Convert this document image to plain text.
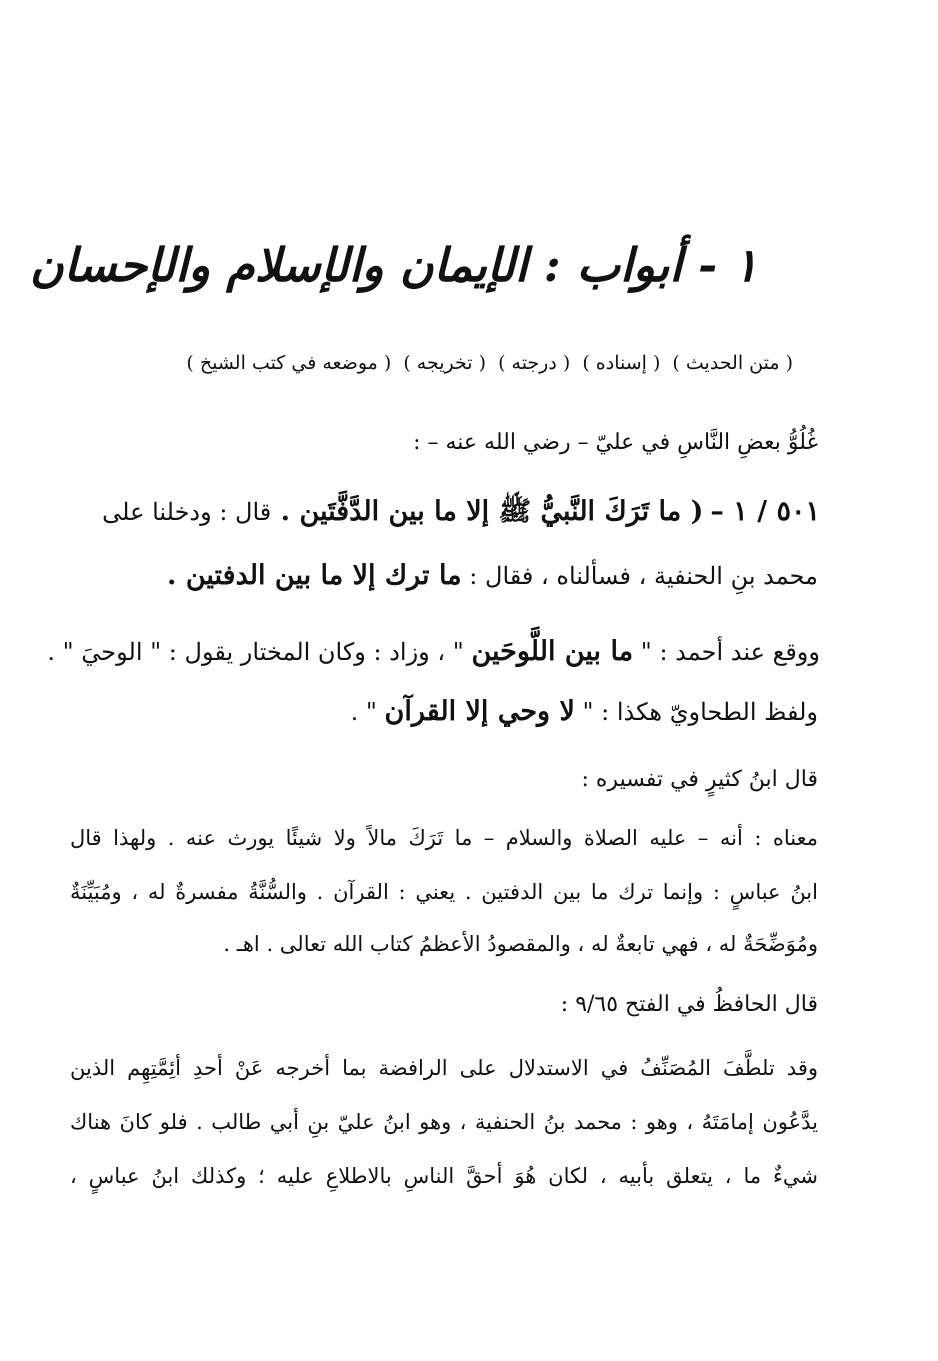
١ - أبواب : الإيمان والإسلام والإحسان
( متن الحديث ) ( إسناده ) ( درجته ) ( تخريجه ) ( موضعه في كتب الشيخ )
غُلُوُّ بعضِ النَّاسِ في عليّ – رضي الله عنه – :
٥٠١ / ١ – ( ما تَرَكَ النَّبيُّ ﷺ إلا ما بين الدَّفَّتَين . قال : ودخلنا على
محمد بنِ الحنفية ، فسألناه ، فقال : ما ترك إلا ما بين الدفتين .
ووقع عند أحمد : " ما بين اللَّوحَين " ، وزاد : وكان المختار يقول : " الوحيَ " .
ولفظ الطحاويّ هكذا : " لا وحي إلا القرآن " .
قال ابنُ كثيرٍ في تفسيره :
معناه : أنه – عليه الصلاة والسلام – ما تَرَكَ مالاً ولا شيئًا يورث عنه . ولهذا قال
ابنُ عباسٍ : وإنما ترك ما بين الدفتين . يعني : القرآن . والسُّنَّةُ مفسرةٌ له ، ومُبَيِّنَةٌ
ومُوَضِّحَةٌ له ، فهي تابعةٌ له ، والمقصودُ الأعظمُ كتاب الله تعالى . اهـ .
قال الحافظُ في الفتح ٩/٦٥ :
وقد تلطَّفَ المُصَنِّفُ في الاستدلال على الرافضة بما أخرجه عَنْ أحدِ أئِمَّتِهِم الذين
يدَّعُون إمامَتَهُ ، وهو : محمد بنُ الحنفية ، وهو ابنُ عليّ بنِ أبي طالب . فلو كانَ هناك
شيءٌ ما ، يتعلق بأبيه ، لكان هُوَ أحقَّ الناسِ بالاطلاعِ عليه ؛ وكذلك ابنُ عباسٍ ،
